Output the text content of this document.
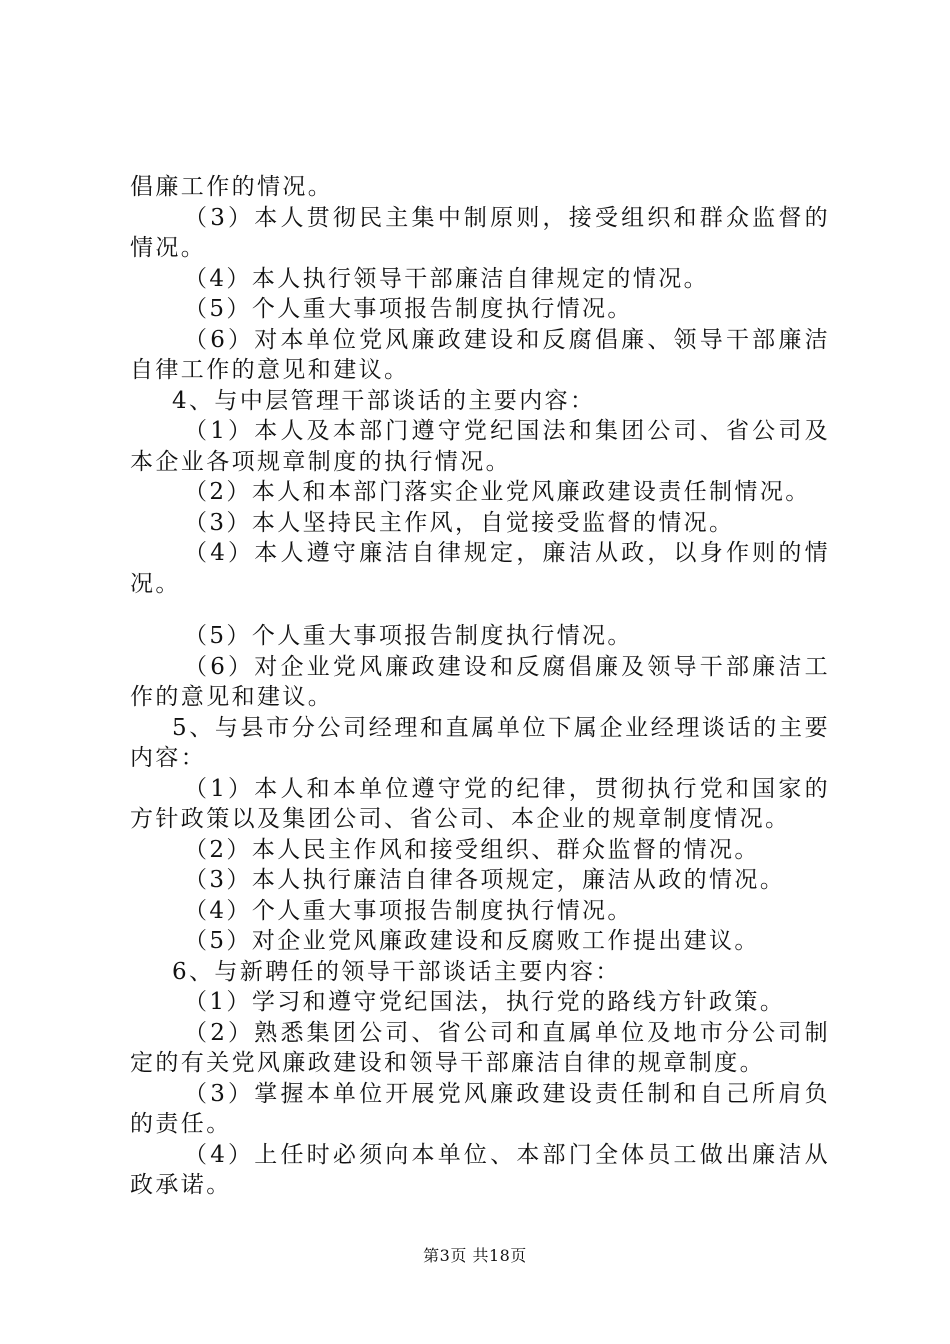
倡廉工作的情况。

（3）本人贯彻民主集中制原则，接受组织和群众监督的情况。

（4）本人执行领导干部廉洁自律规定的情况。

（5）个人重大事项报告制度执行情况。

（6）对本单位党风廉政建设和反腐倡廉、领导干部廉洁自律工作的意见和建议。

4、与中层管理干部谈话的主要内容：

（1）本人及本部门遵守党纪国法和集团公司、省公司及本企业各项规章制度的执行情况。

（2）本人和本部门落实企业党风廉政建设责任制情况。

（3）本人坚持民主作风，自觉接受监督的情况。

（4）本人遵守廉洁自律规定，廉洁从政，以身作则的情况。

（5）个人重大事项报告制度执行情况。

（6）对企业党风廉政建设和反腐倡廉及领导干部廉洁工作的意见和建议。

5、与县市分公司经理和直属单位下属企业经理谈话的主要内容：

（1）本人和本单位遵守党的纪律，贯彻执行党和国家的方针政策以及集团公司、省公司、本企业的规章制度情况。

（2）本人民主作风和接受组织、群众监督的情况。

（3）本人执行廉洁自律各项规定，廉洁从政的情况。

（4）个人重大事项报告制度执行情况。

（5）对企业党风廉政建设和反腐败工作提出建议。

6、与新聘任的领导干部谈话主要内容：

（1）学习和遵守党纪国法，执行党的路线方针政策。

（2）熟悉集团公司、省公司和直属单位及地市分公司制定的有关党风廉政建设和领导干部廉洁自律的规章制度。

（3）掌握本单位开展党风廉政建设责任制和自己所肩负的责任。

（4）上任时必须向本单位、本部门全体员工做出廉洁从政承诺。

第3页 共18页
